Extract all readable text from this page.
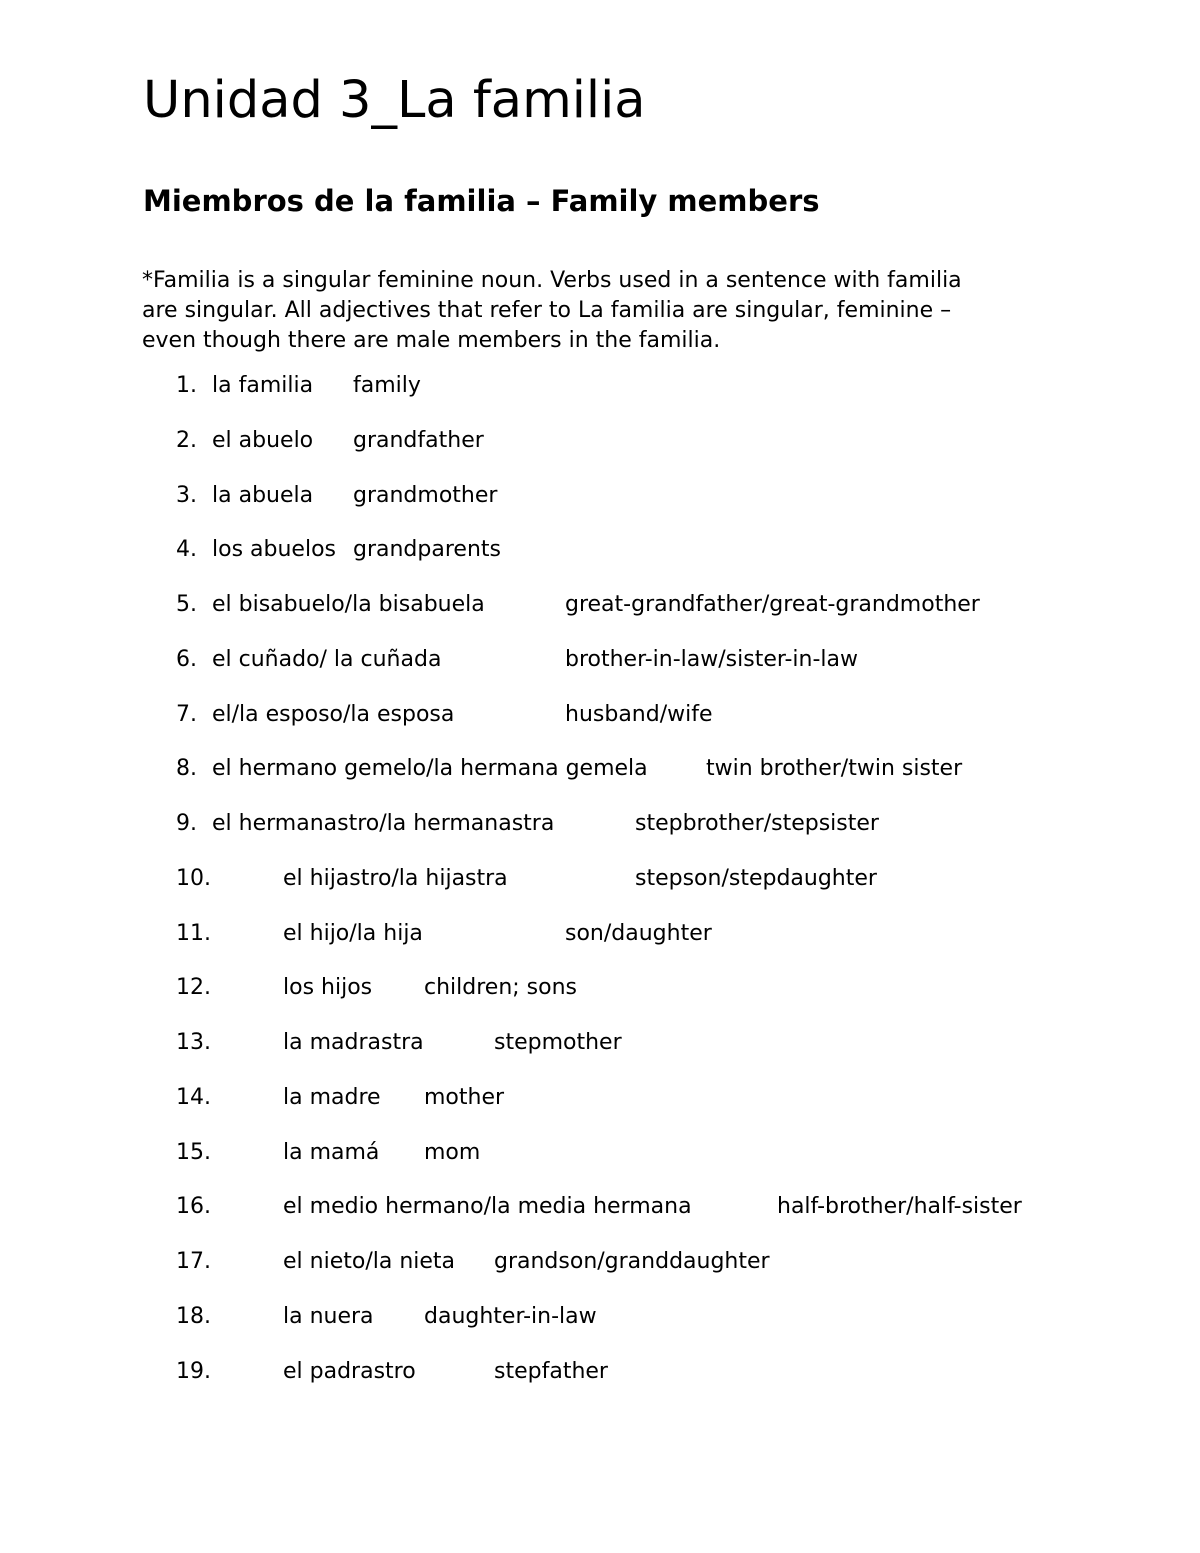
Unidad 3_La familia
Miembros de la familia – Family members

*Familia is a singular feminine noun. Verbs used in a sentence with familia
are singular. All adjectives that refer to La familia are singular, feminine –
even though there are male members in the familia.

1. la familia family
2. el abuelo grandfather
3. la abuela grandmother
4. los abuelos grandparents
5. el bisabuelo/la bisabuela	great-grandfather/great-grandmother
6. el cuñado/ la cuñada	brother-in-law/sister-in-law
7. el/la esposo/la esposa	husband/wife
8. el hermano gemelo/la hermana gemela	twin brother/twin sister
9. el hermanastro/la hermanastra	stepbrother/stepsister
10.	el hijastro/la hijastra	stepson/stepdaughter
11.	el hijo/la hija	son/daughter
12.	los hijos children; sons
13.	la madrastra	stepmother
14.	la madre mother
15.	la mamá mom
16.	el medio hermano/la media hermana	half-brother/half-sister
17.	el nieto/la nieta grandson/granddaughter
18.	la nuera daughter-in-law
19.	el padrastro	stepfather
